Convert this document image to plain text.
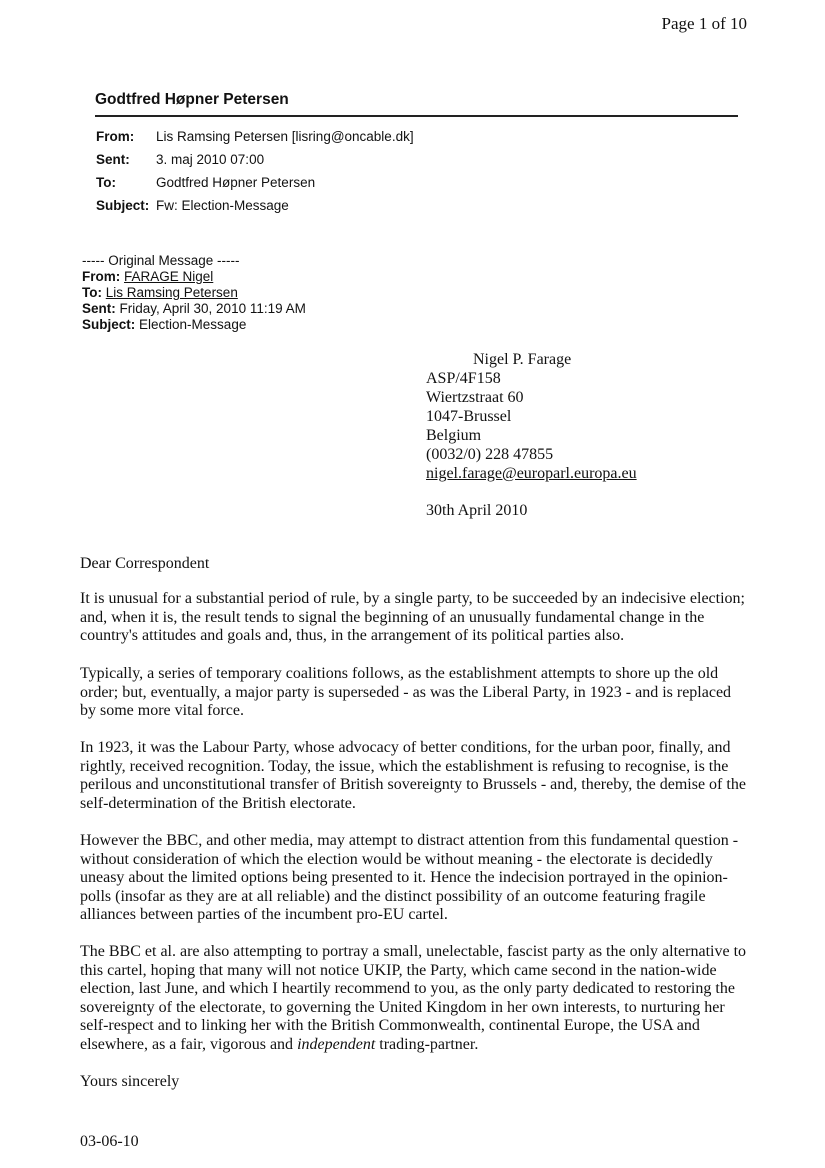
Page 1 of 10
Godtfred Høpner Petersen
From: Lis Ramsing Petersen [lisring@oncable.dk]
Sent: 3. maj 2010 07:00
To:	Godtfred Høpner Petersen
Subject: Fw: Election-Message
----- Original Message -----
From: FARAGE Nigel
To: Lis Ramsing Petersen
Sent: Friday, April 30, 2010 11:19 AM
Subject: Election-Message
Nigel P. Farage
ASP/4F158
Wiertzstraat 60
1047-Brussel
Belgium
(0032/0) 228 47855
nigel.farage@europarl.europa.eu
30th April 2010
Dear Correspondent

It is unusual for a substantial period of rule, by a single party, to be succeeded by an indecisive election; and, when it is, the result tends to signal the beginning of an unusually fundamental change in the country's attitudes and goals and, thus, in the arrangement of its political parties also.

Typically, a series of temporary coalitions follows, as the establishment attempts to shore up the old order; but, eventually, a major party is superseded - as was the Liberal Party, in 1923 - and is replaced by some more vital force.

In 1923, it was the Labour Party, whose advocacy of better conditions, for the urban poor, finally, and rightly, received recognition. Today, the issue, which the establishment is refusing to recognise, is the perilous and unconstitutional transfer of British sovereignty to Brussels - and, thereby, the demise of the self-determination of the British electorate.

However the BBC, and other media, may attempt to distract attention from this fundamental question - without consideration of which the election would be without meaning - the electorate is decidedly uneasy about the limited options being presented to it. Hence the indecision portrayed in the opinion-polls (insofar as they are at all reliable) and the distinct possibility of an outcome featuring fragile alliances between parties of the incumbent pro-EU cartel.

The BBC et al. are also attempting to portray a small, unelectable, fascist party as the only alternative to this cartel, hoping that many will not notice UKIP, the Party, which came second in the nation-wide election, last June, and which I heartily recommend to you, as the only party dedicated to restoring the sovereignty of the electorate, to governing the United Kingdom in her own interests, to nurturing her self-respect and to linking her with the British Commonwealth, continental Europe, the USA and elsewhere, as a fair, vigorous and independent trading-partner.

Yours sincerely
03-06-10
